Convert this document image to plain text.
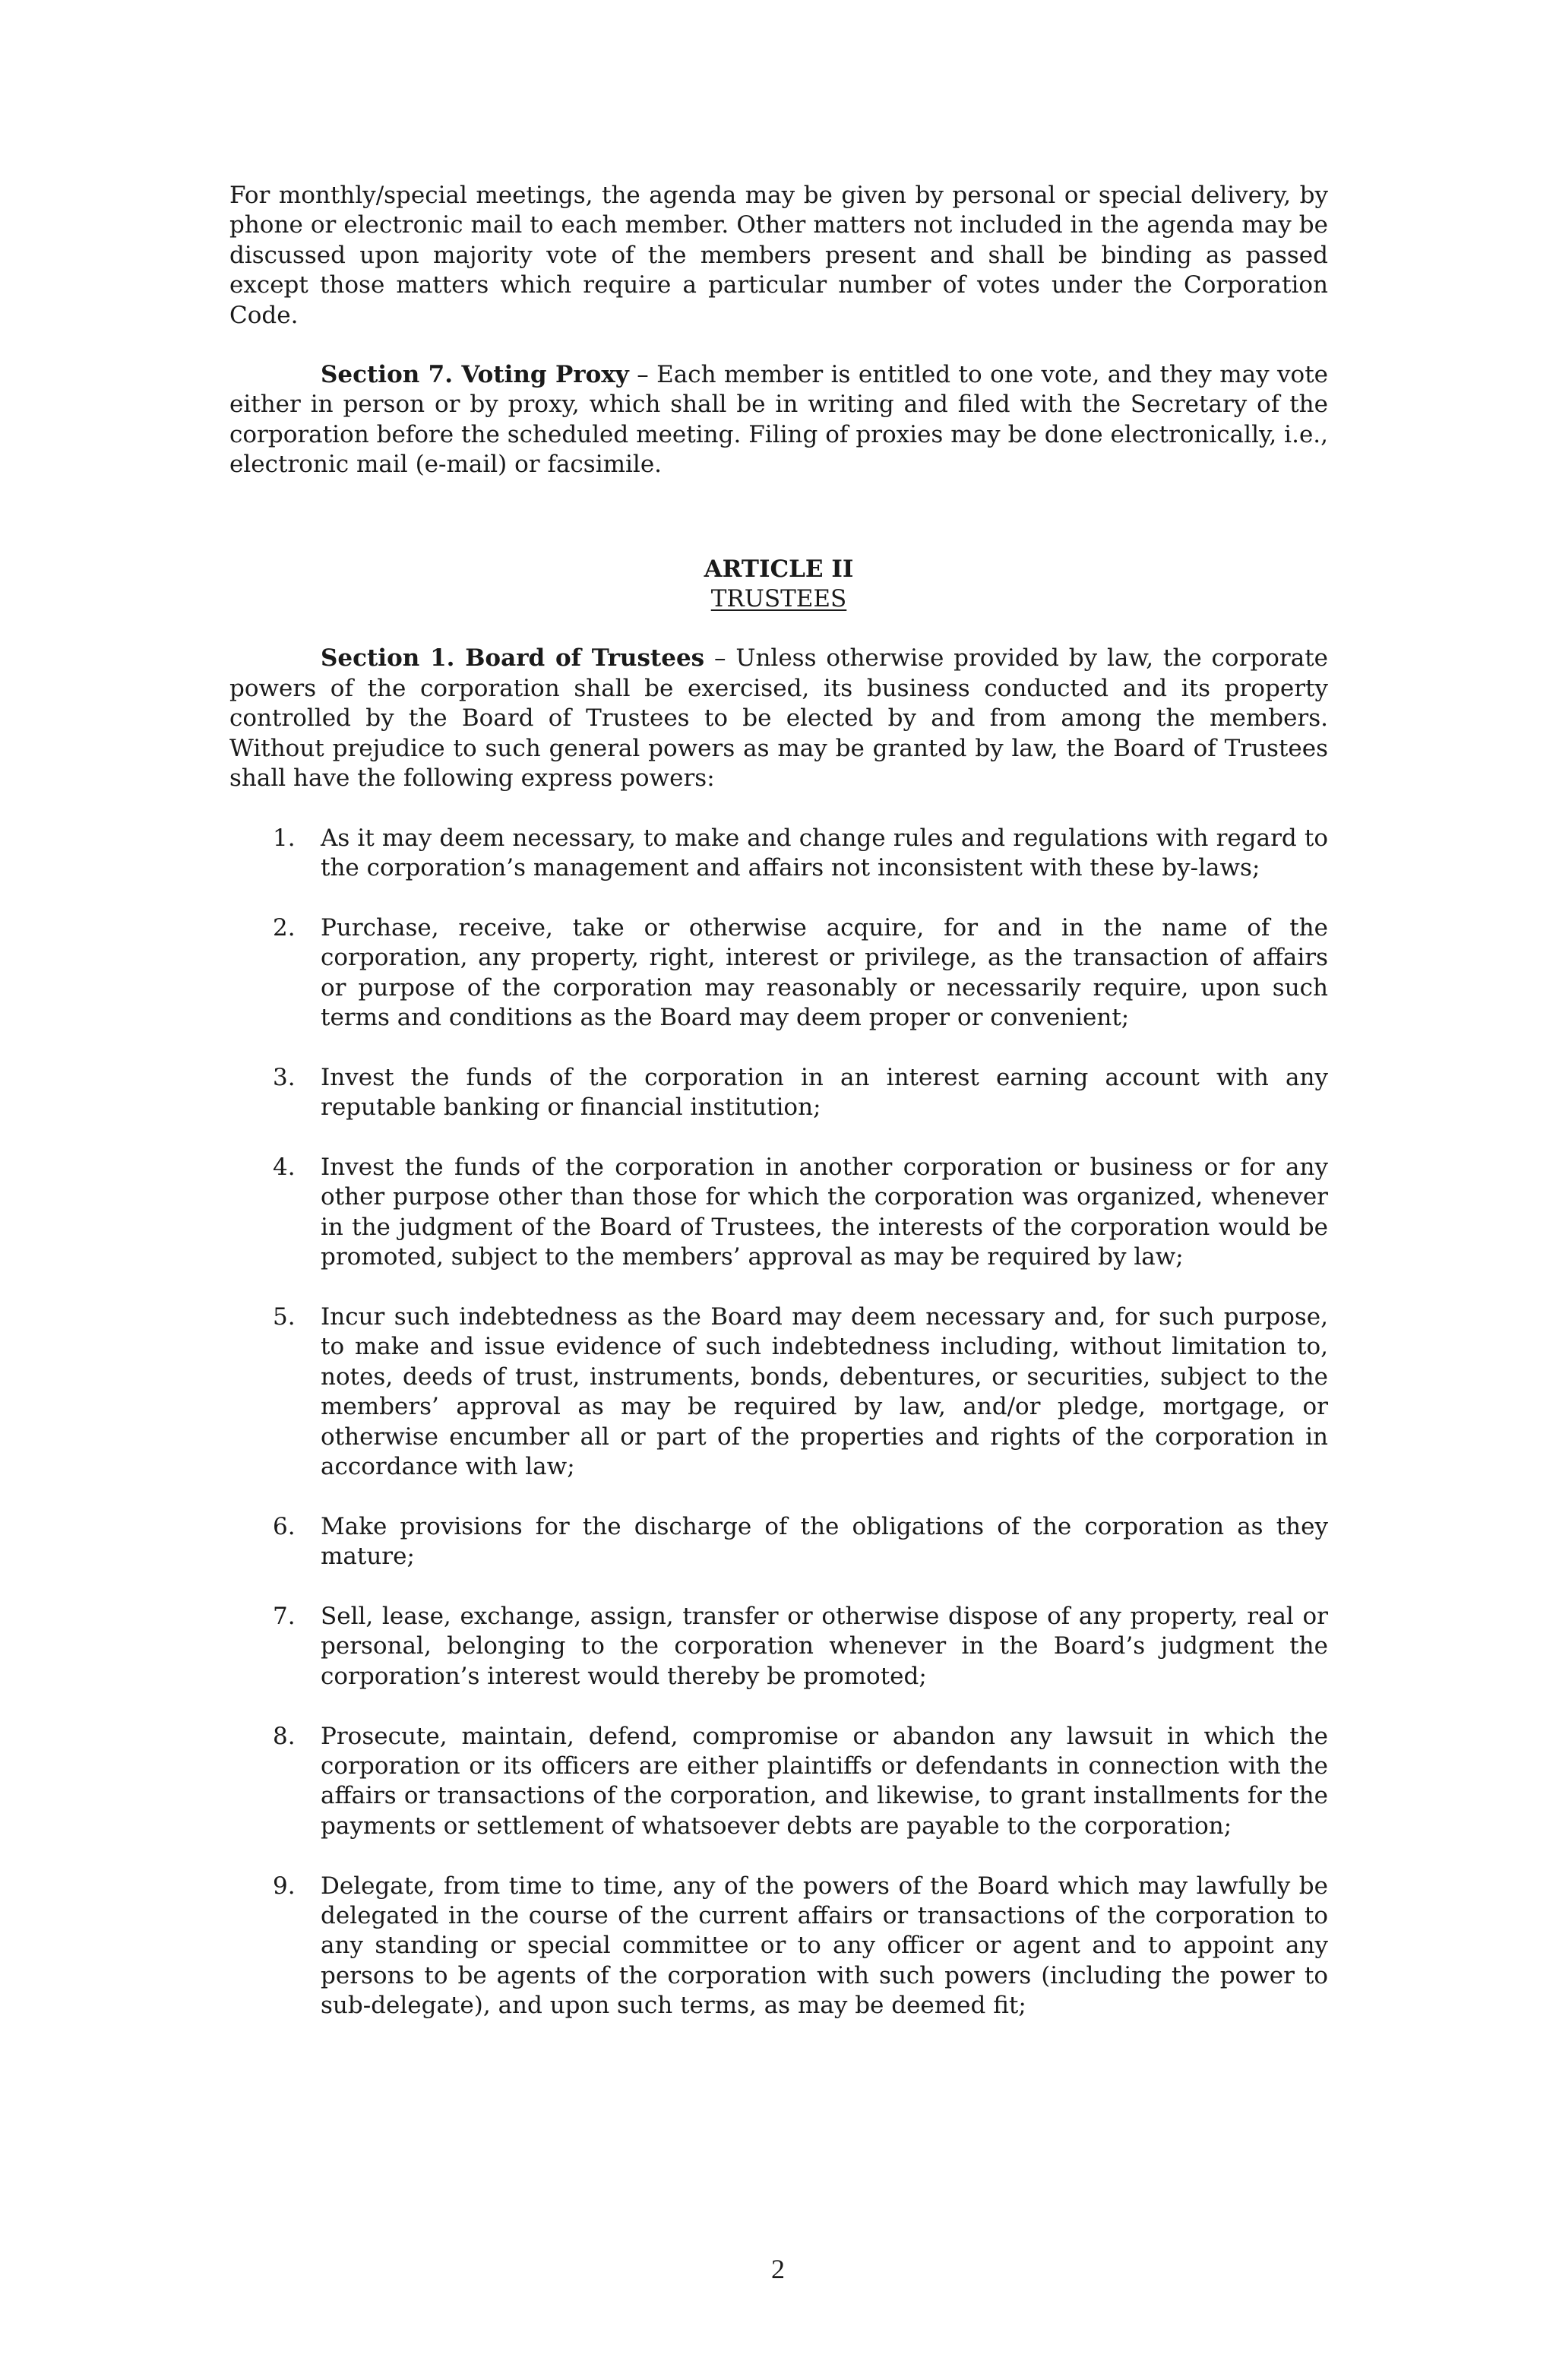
For monthly/special meetings, the agenda may be given by personal or special delivery, by phone or electronic mail to each member. Other matters not included in the agenda may be discussed upon majority vote of the members present and shall be binding as passed except those matters which require a particular number of votes under the Corporation Code.

Section 7. Voting Proxy – Each member is entitled to one vote, and they may vote either in person or by proxy, which shall be in writing and filed with the Secretary of the corporation before the scheduled meeting. Filing of proxies may be done electronically, i.e., electronic mail (e-mail) or facsimile.

ARTICLE II
TRUSTEES

Section 1. Board of Trustees – Unless otherwise provided by law, the corporate powers of the corporation shall be exercised, its business conducted and its property controlled by the Board of Trustees to be elected by and from among the members. Without prejudice to such general powers as may be granted by law, the Board of Trustees shall have the following express powers:

1.	As it may deem necessary, to make and change rules and regulations with regard to the corporation’s management and affairs not inconsistent with these by-laws;
2.	Purchase, receive, take or otherwise acquire, for and in the name of the corporation, any property, right, interest or privilege, as the transaction of affairs or purpose of the corporation may reasonably or necessarily require, upon such terms and conditions as the Board may deem proper or convenient;
3.	Invest the funds of the corporation in an interest earning account with any reputable banking or financial institution;
4.	Invest the funds of the corporation in another corporation or business or for any other purpose other than those for which the corporation was organized, whenever in the judgment of the Board of Trustees, the interests of the corporation would be promoted, subject to the members’ approval as may be required by law;
5.	Incur such indebtedness as the Board may deem necessary and, for such purpose, to make and issue evidence of such indebtedness including, without limitation to, notes, deeds of trust, instruments, bonds, debentures, or securities, subject to the members’ approval as may be required by law, and/or pledge, mortgage, or otherwise encumber all or part of the properties and rights of the corporation in accordance with law;
6.	Make provisions for the discharge of the obligations of the corporation as they mature;
7.	Sell, lease, exchange, assign, transfer or otherwise dispose of any property, real or personal, belonging to the corporation whenever in the Board’s judgment the corporation’s interest would thereby be promoted;
8.	Prosecute, maintain, defend, compromise or abandon any lawsuit in which the corporation or its officers are either plaintiffs or defendants in connection with the affairs or transactions of the corporation, and likewise, to grant installments for the payments or settlement of whatsoever debts are payable to the corporation;
9.	Delegate, from time to time, any of the powers of the Board which may lawfully be delegated in the course of the current affairs or transactions of the corporation to any standing or special committee or to any officer or agent and to appoint any persons to be agents of the corporation with such powers (including the power to sub-delegate), and upon such terms, as may be deemed fit;
2
